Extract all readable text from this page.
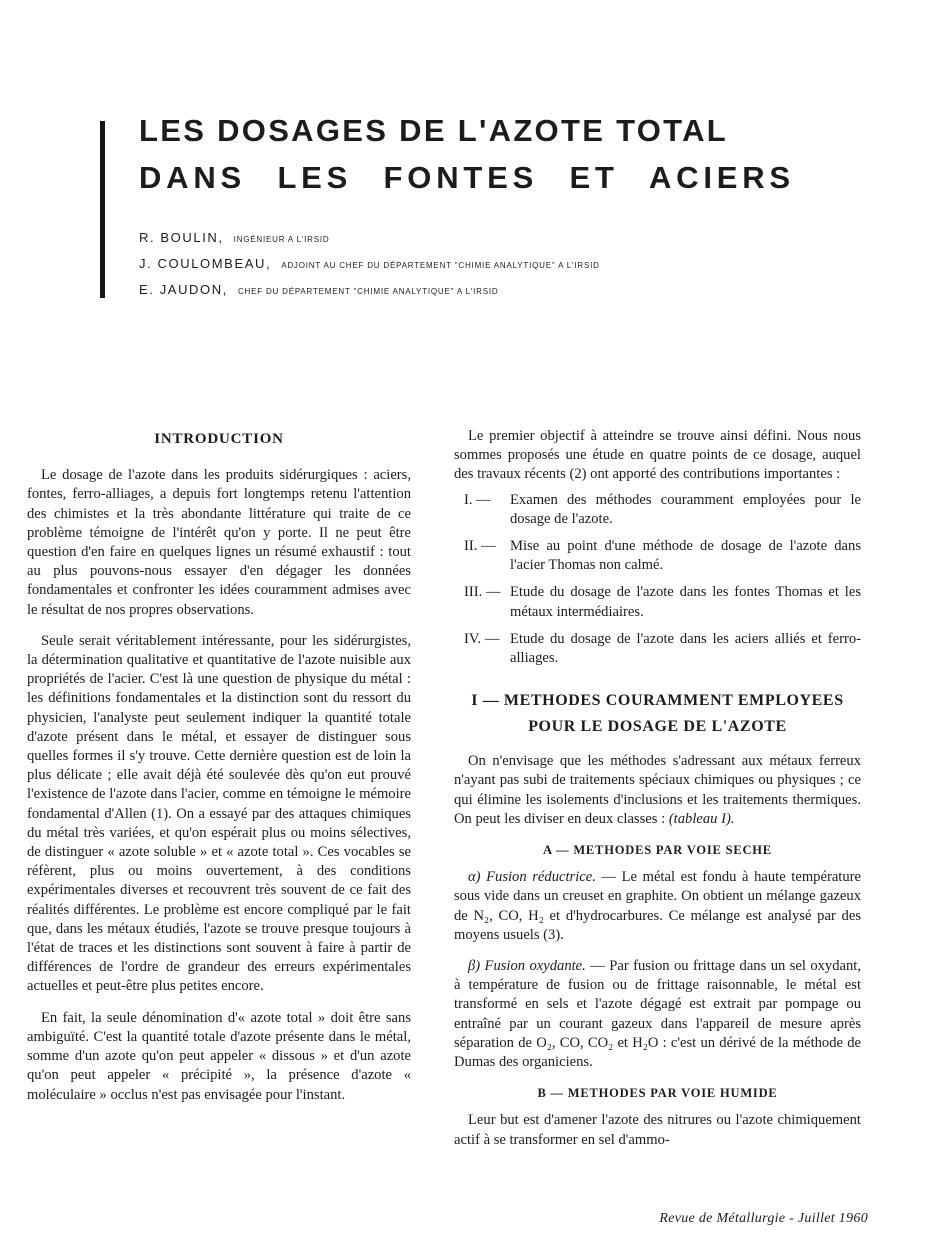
LES DOSAGES DE L'AZOTE TOTAL
DANS LES FONTES ET ACIERS
R. BOULIN, INGÉNIEUR A L'IRSID
J. COULOMBEAU, ADJOINT AU CHEF DU DÉPARTEMENT "CHIMIE ANALYTIQUE" A L'IRSID
E. JAUDON, CHEF DU DÉPARTEMENT "CHIMIE ANALYTIQUE" A L'IRSID
INTRODUCTION

Le dosage de l'azote dans les produits sidérurgiques : aciers, fontes, ferro-alliages, a depuis fort longtemps retenu l'attention des chimistes et la très abondante littérature qui traite de ce problème témoigne de l'intérêt qu'on y porte. Il ne peut être question d'en faire en quelques lignes un résumé exhaustif : tout au plus pouvons-nous essayer d'en dégager les données fondamentales et confronter les idées couramment admises avec le résultat de nos propres observations.

Seule serait véritablement intéressante, pour les sidérurgistes, la détermination qualitative et quantitative de l'azote nuisible aux propriétés de l'acier. C'est là une question de physique du métal : les définitions fondamentales et la distinction sont du ressort du physicien, l'analyste peut seulement indiquer la quantité totale d'azote présent dans le métal, et essayer de distinguer sous quelles formes il s'y trouve. Cette dernière question est de loin la plus délicate ; elle avait déjà été soulevée dès qu'on eut prouvé l'existence de l'azote dans l'acier, comme en témoigne le mémoire fondamental d'Allen (1). On a essayé par des attaques chimiques du métal très variées, et qu'on espérait plus ou moins sélectives, de distinguer « azote soluble » et « azote total ». Ces vocables se réfèrent, plus ou moins ouvertement, à des conditions expérimentales diverses et recouvrent très souvent de ce fait des réalités différentes. Le problème est encore compliqué par le fait que, dans les métaux étudiés, l'azote se trouve presque toujours à l'état de traces et les distinctions sont souvent à faire à partir de différences de l'ordre de grandeur des erreurs expérimentales actuelles et peut-être plus petites encore.

En fait, la seule dénomination d'« azote total » doit être sans ambiguïté. C'est la quantité totale d'azote présente dans le métal, somme d'un azote qu'on peut appeler « dissous » et d'un azote qu'on peut appeler « précipité », la présence d'azote « moléculaire » occlus n'est pas envisagée pour l'instant.

Le premier objectif à atteindre se trouve ainsi défini. Nous nous sommes proposés une étude en quatre points de ce dosage, auquel des travaux récents (2) ont apporté des contributions importantes :

I. —	Examen des méthodes couramment employées pour le dosage de l'azote.
II. — Mise au point d'une méthode de dosage de l'azote dans l'acier Thomas non calmé.
III. — Etude du dosage de l'azote dans les fontes Thomas et les métaux intermédiaires.
IV. — Etude du dosage de l'azote dans les aciers alliés et ferro-alliages.
I — METHODES COURAMMENT EMPLOYEES
POUR LE DOSAGE DE L'AZOTE

On n'envisage que les méthodes s'adressant aux métaux ferreux n'ayant pas subi de traitements spéciaux chimiques ou physiques ; ce qui élimine les isolements d'inclusions et les traitements thermiques. On peut les diviser en deux classes : (tableau I).

A — METHODES PAR VOIE SECHE

α) Fusion réductrice. — Le métal est fondu à haute température sous vide dans un creuset en graphite. On obtient un mélange gazeux de N₂, CO, H₂ et d'hydrocarbures. Ce mélange est analysé par des moyens usuels (3).

β) Fusion oxydante. — Par fusion ou frittage dans un sel oxydant, à température de fusion ou de frittage raisonnable, le métal est transformé en sels et l'azote dégagé est extrait par pompage ou entraîné par un courant gazeux dans l'appareil de mesure après séparation de O₂, CO, CO₂ et H₂O : c'est un dérivé de la méthode de Dumas des organiciens.

B — METHODES PAR VOIE HUMIDE

Leur but est d'amener l'azote des nitrures ou l'azote chimiquement actif à se transformer en sel d'ammo-

Revue de Métallurgie - Juillet 1960
